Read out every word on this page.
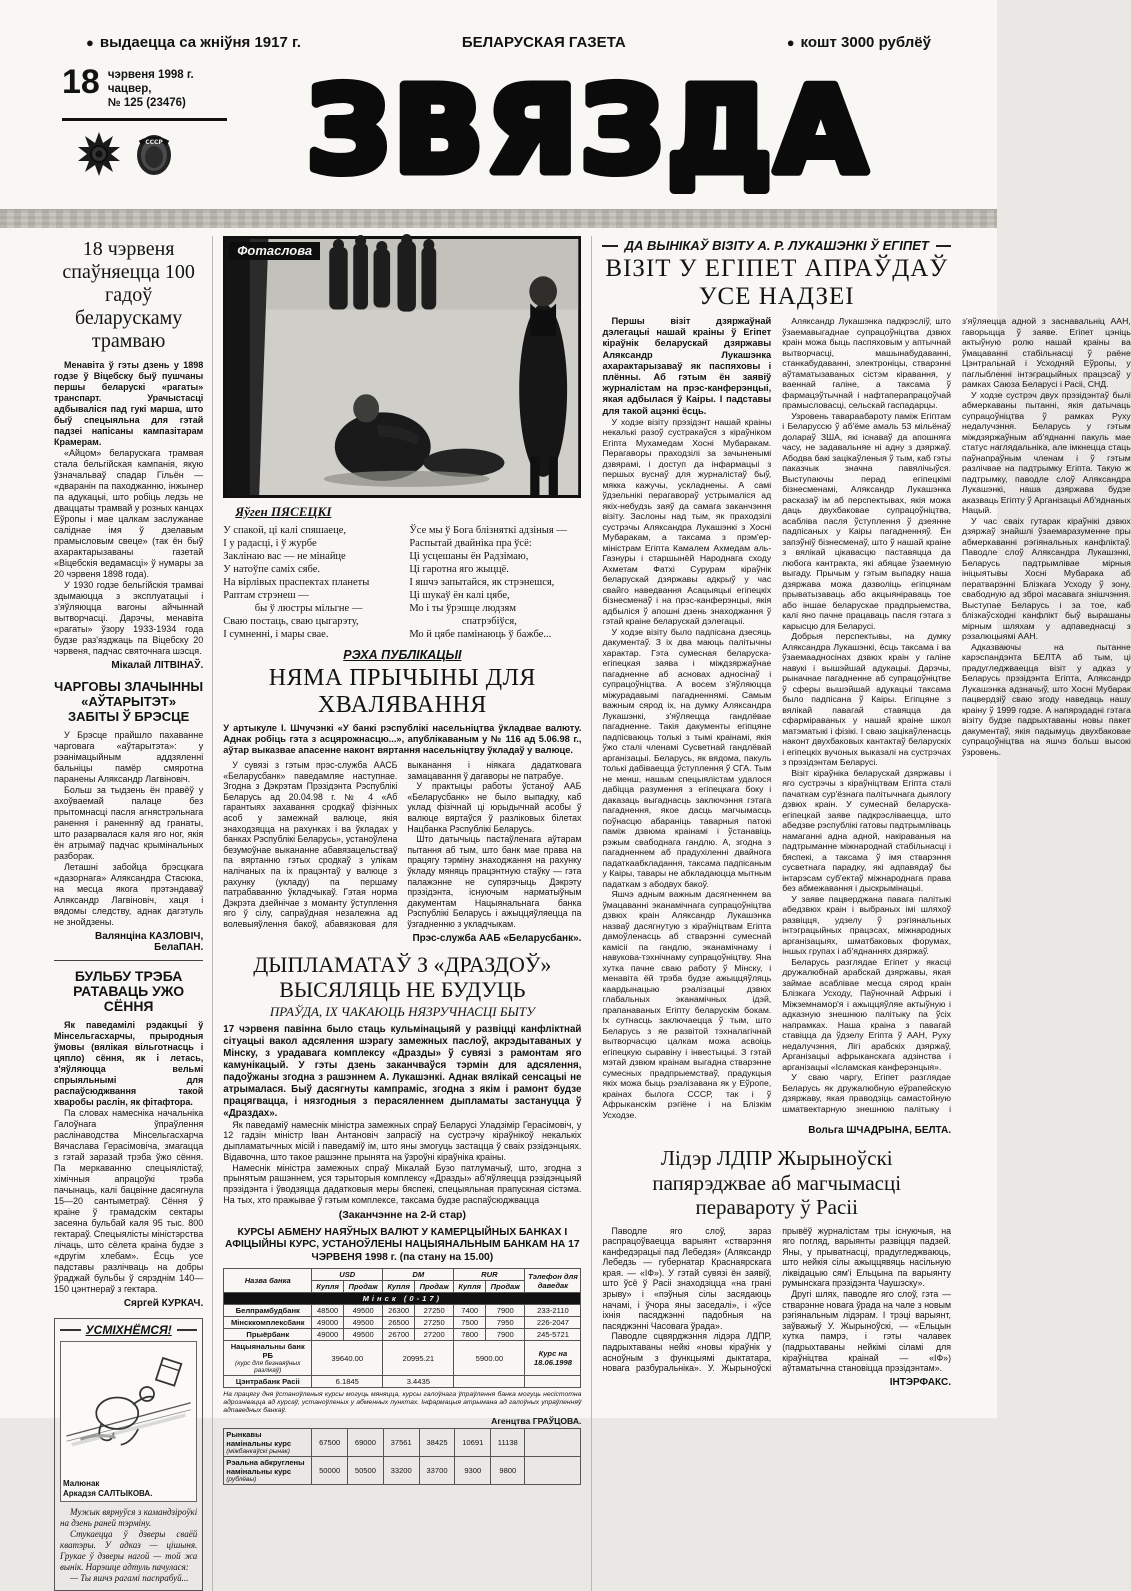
● выдаецца са жніўня 1917 г.	БЕЛАРУСКАЯ ГАЗЕТА	● кошт 3000 рублёў
18 чэрвеня 1998 г.
чацвер,
№ 125 (23476)
СССР ЗВЯЗДА
18 чэрвеня спаўняецца 100 гадоў беларускаму трамваю

Менавіта ў гэты дзень у 1898 годзе ў Віцебску быў пушчаны першы беларускі «рагаты» транспарт. Урачыстасці адбываліся пад гукі марша, што быў спецыяльна для гэтай падзеі напісаны кампазітарам Крамерам.

«Айцом» беларускага трамвая стала бельгійская кампанія, якую ўзначальваў спадар Гільён — «дваранін па паходжанню, інжынер па адукацыі, што робіць ледзь не дваццаты трамвай у розных канцах Еўропы і мае цалкам заслужанае саліднае імя ў дзелавым прамысловым свеце» (так ён быў ахарактарызаваны газетай «Віцебскія ведамасці» ў нумары за 20 чэрвеня 1898 года).

У 1930 годзе бельгійскія трамваі здымаюцца з эксплуатацыі і з'яўляюцца вагоны айчыннай вытворчасці. Дарэчы, менавіта «рагаты» ўзору 1933-1934 года будзе раз'язджаць па Віцебску 20 чэрвеня, падчас святочнага шэсця.

Мікалай ЛІТВІНАЎ.
ЧАРГОВЫ ЗЛАЧЫННЫ «АЎТАРЫТЭТ» ЗАБІТЫ Ў БРЭСЦЕ

У Брэсце прайшло пахаванне чарговага «аўтарытэта»: у рэанімацыйным аддзяленні бальніцы памёр смяротна паранены Аляксандр Лагвіновіч.

Больш за тыдзень ён правёў у ахоўваемай палаце без прытомнасці пасля агнястрэльнага ранення і раненняў ад гранаты, што разарвалася каля яго ног, якія ён атрымаў падчас крымінальных разборак.

Леташні забойца брэсцкага «дазорнага» Аляксандра Стасюка, на месца якога прэтэндаваў Аляксандр Лагвіновіч, хаця і вядомы следству, аднак дагэтуль не знойдзены.

Валянціна КАЗЛОВІЧ,
БелаПАН.
БУЛЬБУ ТРЭБА РАТАВАЦЬ УЖО СЁННЯ

Як паведамілі рэдакцыі ў Мінсельгасхарчы, прыродныя ўмовы (вялікая вільготнасць і цяпло) сёння, як і летась, з'яўляюцца вельмі спрыяльнымі для распаўсюджвання такой хваробы раслін, як фітафтора.

Па словах намесніка начальніка Галоўнага ўпраўлення раслінаводства Мінсельгасхарча Вячаслава Герасімовіча, змагацца з гэтай заразай трэба ўжо сёння. Па меркаванню спецыялістаў, хімічныя апрацоўкі трэба пачынаць, калі бацвінне дасягнула 15—20 сантыметраў. Сёння ў краіне ў грамадскім сектары засеяна бульбай каля 95 тыс. 800 гектараў. Спецыялісты міністэрства лічаць, што сёлета краіна будзе з «другім хлебам». Ёсць усе падставы разлічваць на добры ўраджай бульбы ў сярэднім 140—150 цэнтнераў з гектара.

Сяргей КУРКАЧ.
УСМІХНЁМСЯ!
Малюнак
Аркадзя САЛТЫКОВА.

Мужык вярнуўся з камандзіроўкі на дзень раней тэрміну.

Стукаецца ў дзверы сваёй кватэры. У адказ — цішыня. Грукае ў дзверы нагой — той жа вынік. Нарэшце адтуль пачулася:

— Ты яшчэ рагамі паспрабуй...

Фотаслова
Яўген ПЯСЕЦКІ
У спакой, ці калі спяшаеце,
І у радасці, і ў журбе
Заклінаю вас — не мінайце
У натоўпе саміх сябе.
На вірлівых праспектах планеты
Раптам стрэнеш —
бы ў люстры мільгне —
Сваю постаць, сваю цыгарэту,
І сумненні, і мары свае.
Ўсе мы ў Бога блізняткі адзіныя —
Распытай двайніка пра ўсё:
Ці усцешаны ён Радзімаю,
Ці гаротна яго жыццё.
І яшчэ запытайся, як стрэнешся,
Ці шукаў ён калі цябе,
Мо і ты ўрэшце людзям
спатрэбіўся,
Мо й цябе памінаюць ў бажбе...
РЭХА ПУБЛІКАЦЫІ
НЯМА ПРЫЧЫНЫ ДЛЯ ХВАЛЯВАННЯ

У артыкуле І. Шчучэнкі «У банкі рэспублікі насельніцтва ўкладвае валюту. Аднак робіць гэта з асцярожнасцю...», апублікаваным у № 116 ад 5.06.98 г., аўтар выказвае апасенне наконт вяртання насельніцтву ўкладаў у валюце.

У сувязі з гэтым прэс-служба ААСБ «Беларусбанк» паведамляе наступнае. Згодна з Дэкрэтам Прэзідэнта Рэспублікі Беларусь ад 20.04.98 г. № 4 «Аб гарантыях захавання сродкаў фізічных асоб у замежнай валюце, якія знаходзяцца на рахунках і ва ўкладах у банках Рэспублікі Беларусь», устаноўлена безумоўнае выкананне абавязацельстваў па вяртанню гэтых сродкаў з улікам налічаных па іх працэнтаў у валюце з рахунку (укладу) па першаму патрабаванню ўкладчыкаў. Гэтая норма Дэкрэта дзейнічае з моманту ўступлення яго ў сілу, сапраўдная незалежна ад волевыяўлення бакоў, абавязковая для выканання і ніякага дадатковага замацавання ў дагаворы не патрабуе.

У практыцы работы ўстаноў ААБ «Беларусбанк» не было выпадку, каб уклад фізічнай ці юрыдычнай асобы ў валюце вяртаўся ў разліковых білетах Нацбанка Рэспублікі Беларусь.

Што датычыць пастаўленага аўтарам пытання аб тым, што банк мае права на працягу тэрміну знаходжання на рахунку ўкладу мяняць працэнтную стаўку — гэта палажэнне не супярэчыць Дэкрэту прэзідэнта, існуючым нарматыўным дакументам Нацыянальнага банка Рэспублікі Беларусь і ажыццяўляецца па ўзгадненню з укладчыкам.

Прэс-служба ААБ «Беларусбанк».
ДЫПЛАМАТАЎ З «ДРАЗДОЎ» ВЫСЯЛЯЦЬ НЕ БУДУЦЬ
ПРАЎДА, ІХ ЧАКАЮЦЬ НЯЗРУЧНАСЦІ БЫТУ

17 чэрвеня павінна было стаць кульмінацыяй у развіцці канфліктнай сітуацыі вакол адсялення шэрагу замежных паслоў, акрэдытаваных у Мінску, з урадавага комплексу «Дразды» ў сувязі з рамонтам яго камунікацый. У гэты дзень заканчваўся тэрмін для адсялення, падоўжаны згодна з рашэннем А. Лукашэнкі. Аднак вялікай сенсацыі не атрымалася. Быў дасягнуты кампраміс, згодна з якім і рамонт будзе працягвацца, і нязгодныя з перасяленнем дыпламаты застануцца ў «Драздах».

Як паведаміў намеснік міністра замежных спраў Беларусі Уладзімір Герасімовіч, у 12 гадзін міністр Іван Антановіч запрасіў на сустрэчу кіраўнікоў некалькіх дыпламатычных місій і паведаміў ім, што яны змогуць застацца ў сваіх рэзідэнцыях. Відавочна, што такое рашэнне прынята на ўзроўні кіраўніка краіны.

Намеснік міністра замежных спраў Мікалай Бузо патлумачыў, што, згодна з прынятым рашэннем, уся тэрыторыя комплексу «Дразды» аб'яўляецца рэзідэнцыяй прэзідэнта і ўводзяцца дадатковыя меры бяспекі, спецыяльная прапускная сістэма. На тых, хто пражывае ў гэтым комплексе, таксама будзе распаўсюджвацца

(Заканчэнне на 2-й стар)
КУРСЫ АБМЕНУ НАЯЎНЫХ ВАЛЮТ У КАМЕРЦЫЙНЫХ БАНКАХ І АФІЦЫЙНЫ КУРС, УСТАНОЎЛЕНЫ НАЦЫЯНАЛЬНЫМ БАНКАМ НА 17 ЧЭРВЕНЯ 1998 г. (па стану на 15.00)
Назва банка	USD		DM		RUR		Тэлефон для даведак
	Купля	Продаж	Купля	Продаж	Купля	Продаж	
Мінск (0-17)							
Белпрамбудбанк	48500	49500	26300	27250	7400	7900	233-2110
Мінсккомплексбанк	49000	49500	26500	27250	7500	7950	226-2047
Прыёрбанк	49000	49500	26700	27200	7800	7900	245-5721
Нацыянальны банк РБ
(курс для безнаяўных разлікаў)	39640.00		20995.21		5900.00		Курс на 18.06.1998
Цэнтрабанк Расіі	6.1845		3.4435				
На працягу дня ўстаноўленыя курсы могуць мяняцца, курсы галоўнага ўпраўлення банка могуць несістотна адрознівацца ад курсаў, устаноўленых у абменных пунктах. Інфармацыя атрымана ад галоўных упраўленняў адпаведных банкаў.
Агенцтва ГРАЎЦОВА.
Рынкавы намінальны курс
(міжбанкаўскі рынак)	67500	69000	37561	38425	10691	11138	
Рэальна абкруглены намінальны курс
(рублёвы)	50000	50500	33200	33700	9300	9800	
ДА ВЫНІКАЎ ВІЗІТУ А. Р. ЛУКАШЭНКІ Ў ЕГІПЕТ
ВІЗІТ У ЕГІПЕТ АПРАЎДАЎ УСЕ НАДЗЕІ

Першы візіт дзяржаўнай дэлегацыі нашай краіны ў Егіпет кіраўнік беларускай дзяржавы Аляксандр Лукашэнка ахарактарызаваў як паспяховы і плённы. Аб гэтым ён заявіў журналістам на прэс-канферэнцыі, якая адбылася ў Каіры. І падставы для такой ацэнкі ёсць.

У ходзе візіту прэзідэнт нашай краіны некалькі разоў сустракаўся з кіраўніком Егіпта Мухамедам Хосні Мубаракам. Перагаворы праходзілі за зачыненымі дзвярамі, і доступ да інфармацыі з першых вуснаў для журналістаў быў, мякка кажучы, ускладнены. А самі ўдзельнікі перагавораў устрымаліся ад якіх-небудзь заяў да самага заканчэння візіту. Заслоны над тым, як праходзілі сустрэчы Аляксандра Лукашэнкі з Хосні Мубаракам, а таксама з прэм'ер-міністрам Егіпта Камалем Ахмедам аль-Газнуры і старшынёй Народнага сходу Ахметам Фатхі Сурурам кіраўнік беларускай дзяржавы адкрыў у час свайго наведвання Асацыяцыі егіпецкіх бізнесменаў і на прэс-канферэнцыі, якія адбыліся ў апошні дзень знаходжання ў гэтай краіне беларускай дэлегацыі.

У ходзе візіту было падпісана дзесяць дакументаў. З іх два маюць палітычны характар. Гэта сумесная беларуска-егіпецкая заява і міждзяржаўнае пагадненне аб асновах адносінаў і супрацоўніцтва. А восем з'яўляюцца міжурадавымі пагадненнямі. Самым важным сярод іх, на думку Аляксандра Лукашэнкі, з'яўляецца гандлёвае пагадненне. Такія дакументы егіпцяне падпісваюць толькі з тымі краінамі, якія ўжо сталі членамі Сусветнай гандлёвай арганізацыі. Беларусь, як вядома, пакуль толькі дабіваецца ўступлення ў СГА. Тым не менш, нашым спецыялістам удалося дабіцца разумення з егіпецкага боку і даказаць выгаднасць заключэння гэтага пагаднення, якое дасць магчымасць поўнасцю абараніць таварныя патокі паміж дзвюма краінамі і ўстанавіць рэжым свабоднага гандлю. А, згодна з пагадненнем аб прадухіленні двайнога падаткаабкладання, таксама падпісаным у Каіры, тавары не абкладаюцца мытным падаткам з абодвух бакоў.

Яшчэ адным важным дасягненнем ва ўмацаванні эканамічнага супрацоўніцтва дзвюх краін Аляксандр Лукашэнка назваў дасягнутую з кіраўніцтвам Егіпта дамоўленасць аб стварэнні сумеснай камісіі па гандлю, эканамічнаму і навукова-тэхнічнаму супрацоўніцтву. Яна хутка пачне сваю работу ў Мінску, і менавіта ёй трэба будзе ажыццяўляць каардынацыю рэалізацыі дзвюх глабальных эканамічных ідэй, прапанаваных Егіпту беларускім бокам. Іх сутнасць заключаецца ў тым, што Беларусь з яе развітой тэхналагічнай вытворчасцю цалкам можа асвоіць егіпецкую сыравіну і інвестыцыі. З гэтай мэтай дзвюм краінам выгадна стварэнне сумесных прадпрыемстваў, прадукцыя якіх можа быць рэалізавана як у Еўропе, краінах былога СССР, так і ў Афрыканскім рэгіёне і на Блізкім Усходзе.

Аляксандр Лукашэнка падкрэсліў, што ўзаемавыгаднае супрацоўніцтва дзвюх краін можа быць паспяховым у аптычнай вытворчасці, машынабудаванні, станкабудаванні, электроніцы, стварэнні аўтаматызаваных сістэм кіравання, у ваеннай галіне, а таксама ў фармацэўтычнай і нафтаперапрацоўчай прамысловасці, сельскай гаспадарцы.

Узровень тавараабароту паміж Егіптам і Беларуссю ў аб'ёме амаль 53 мільёнаў долараў ЗША, які існаваў да апошняга часу, не задавальняе ні адну з дзяржаў. Абодва бакі зацікаўленыя ў тым, каб гэты паказчык значна павялічыўся. Выступаючы перад егіпецкімі бізнесменамі, Аляксандр Лукашэнка расказаў ім аб перспектывах, якія можа даць двухбаковае супрацоўніцтва, асабліва пасля ўступлення ў дзеянне падпісаных у Каіры пагадненняў. Ён запэўніў бізнесменаў, што ў нашай краіне з вялікай цікавасцю паставяцца да любога кантракта, які абяцае ўзаемную выгаду. Прычым у гэтым выпадку наша дзяржава можа дазволіць егіпцянам прыватызаваць або акцыяніраваць тое або іншае беларускае прадпрыемства, калі яно пачне працаваць пасля гэтага з карысцю для Беларусі.

Добрыя перспектывы, на думку Аляксандра Лукашэнкі, ёсць таксама і ва ўзаемаадносінах дзвюх краін у галіне навукі і вышэйшай адукацыі. Дарэчы, рыначнае пагадненне аб супрацоўніцтве ў сферы вышэйшай адукацыі таксама было падпісана ў Каіры. Егіпцяне з вялікай павагай ставяцца да сфарміраваных у нашай краіне школ матэматыкі і фізікі. І сваю зацікаўленасць наконт двухбаковых кантактаў беларускіх і егіпецкіх вучоных выказалі на сустрэчах з прэзідэнтам Беларусі.

Візіт кіраўніка беларускай дзяржавы і яго сустрэчы з кіраўніцтвам Егіпта сталі пачаткам сур'ёзнага палітычнага дыялогу дзвюх краін. У сумеснай беларуска-егіпецкай заяве падкрэсліваецца, што абедзве рэспублікі гатовы падтрымліваць намаганні адна адной, накіраваныя на падтрыманне міжнароднай стабільнасці і бяспекі, а таксама ў імя стварэння сусветнага парадку, які адпавядаў бы інтарэсам суб'ектаў міжнароднага права без абмежавання і дыскрымінацыі.

У заяве пацверджана павага палітыкі абедзвюх краін і выбраных імі шляхоў развіцця, удзелу ў рэгіянальных інтэграцыйных працэсах, міжнародных арганізацыях, шматбаковых форумах, іншых групах і аб'яднаннях дзяржаў.

Беларусь разглядае Егіпет у якасці дружалюбнай арабскай дзяржавы, якая займае асаблівае месца сярод краін Блізкага Усходу, Паўночнай Афрыкі і Міжземнамор'я і ажыццяўляе актыўную і адказную знешнюю палітыку па ўсіх напрамках. Наша краіна з павагай ставіцца да ўдзелу Егіпта ў ААН, Руху недалучэння, Лігі арабскіх дзяржаў, Арганізацыі афрыканскага адзінства і арганізацыі «Ісламская канферэнцыя».

У сваю чаргу, Егіпет разглядае Беларусь як дружалюбную еўрапейскую дзяржаву, якая праводзіць самастойную шматвектарную знешнюю палітыку і з'яўляецца адной з заснавальніц ААН, гаворыцца ў заяве. Егіпет цэніць актыўную ролю нашай краіны ва ўмацаванні стабільнасці ў раёне Цэнтральнай і Усходняй Еўропы, у паглыбленні інтэграцыйных працэсаў у рамках Саюза Беларусі і Расіі, СНД.

У ходзе сустрэч двух прэзідэнтаў былі абмеркаваны пытанні, якія датычаць супрацоўніцтва ў рамках Руху недалучэння. Беларусь у гэтым міждзяржаўным аб'яднанні пакуль мае статус наглядальніка, але імкнецца стаць паўнапраўным членам і ў гэтым разлічвае на падтрымку Егіпта. Такую ж падтрымку, паводле слоў Аляксандра Лукашэнкі, наша дзяржава будзе аказваць Егіпту ў Арганізацыі Аб'яднаных Нацый.

У час сваіх гутарак кіраўнікі дзвюх дзяржаў знайшлі ўзаемаразуменне пры абмеркаванні рэгіянальных канфліктаў. Паводле слоў Аляксандра Лукашэнкі, Беларусь падтрымлівае мірныя ініцыятывы Хосні Мубарака аб ператварэнні Блізкага Усходу ў зону, свабодную ад зброі масавага знішчэння. Выступае Беларусь і за тое, каб блізкаўсходні канфлікт быў вырашаны мірным шляхам у адпаведнасці з рэзалюцыямі ААН.

Адказваючы на пытанне карэспандэнта БЕЛТА аб тым, ці прадугледжваецца візіт у адказ у Беларусь прэзідэнта Егіпта, Аляксандр Лукашэнка адзначыў, што Хосні Мубарак пацвердзіў сваю згоду наведаць нашу краіну ў 1999 годзе. А напярэдадні гэтага візіту будзе падрыхтаваны новы пакет дакументаў, якія падымуць двухбаковае супрацоўніцтва на яшчэ больш высокі ўзровень.

Вольга ШЧАДРЫНА, БЕЛТА.
Лідэр ЛДПР Жырыноўскі папярэджвае аб магчымасці перавароту ў Расіі

Паводле яго слоў, зараз распрацоўваецца варыянт «стварэння канфедэрацыі пад Лебедзя» (Аляксандр Лебедзь — губернатар Краснаярскага края. — «ІФ»). У гэтай сувязі ён заявіў, што ўсё ў Расіі знаходзіцца «на грані зрыву» і «пэўныя сілы засядаюць начамі, і ўчора яны заседалі», і «ўсе іхнія пасяджэнні падобныя на пасяджэнні Часовага ўрада».

Паводле сцвярджэння лідэра ЛДПР, падрыхтаваны нейкі «новы кіраўнік у асноўным з функцыямі дыктатара, новага разбуральніка». У. Жырыноўскі прывёў журналістам тры існуючыя, на яго погляд, варыянты развіцця падзей. Яны, у прыватнасці, прадугледжваюць, што нейкія сілы ажыццявяць насільную ліквідацыю сям'і Ельцына па варыянту румынскага прэзідэнта Чаушэску».

Другі шлях, паводле яго слоў, гэта — стварэнне новага ўрада на чале з новым рэгіянальным лідэрам. І трэці варыянт, заўважыў У. Жырыноўскі, — «Ельцын хутка памрэ, і гэты чалавек (падрыхтаваны нейкімі сіламі для кіраўніцтва краінай — «ІФ») аўтаматычна становіцца прэзідэнтам».

ІНТЭРФАКС.
